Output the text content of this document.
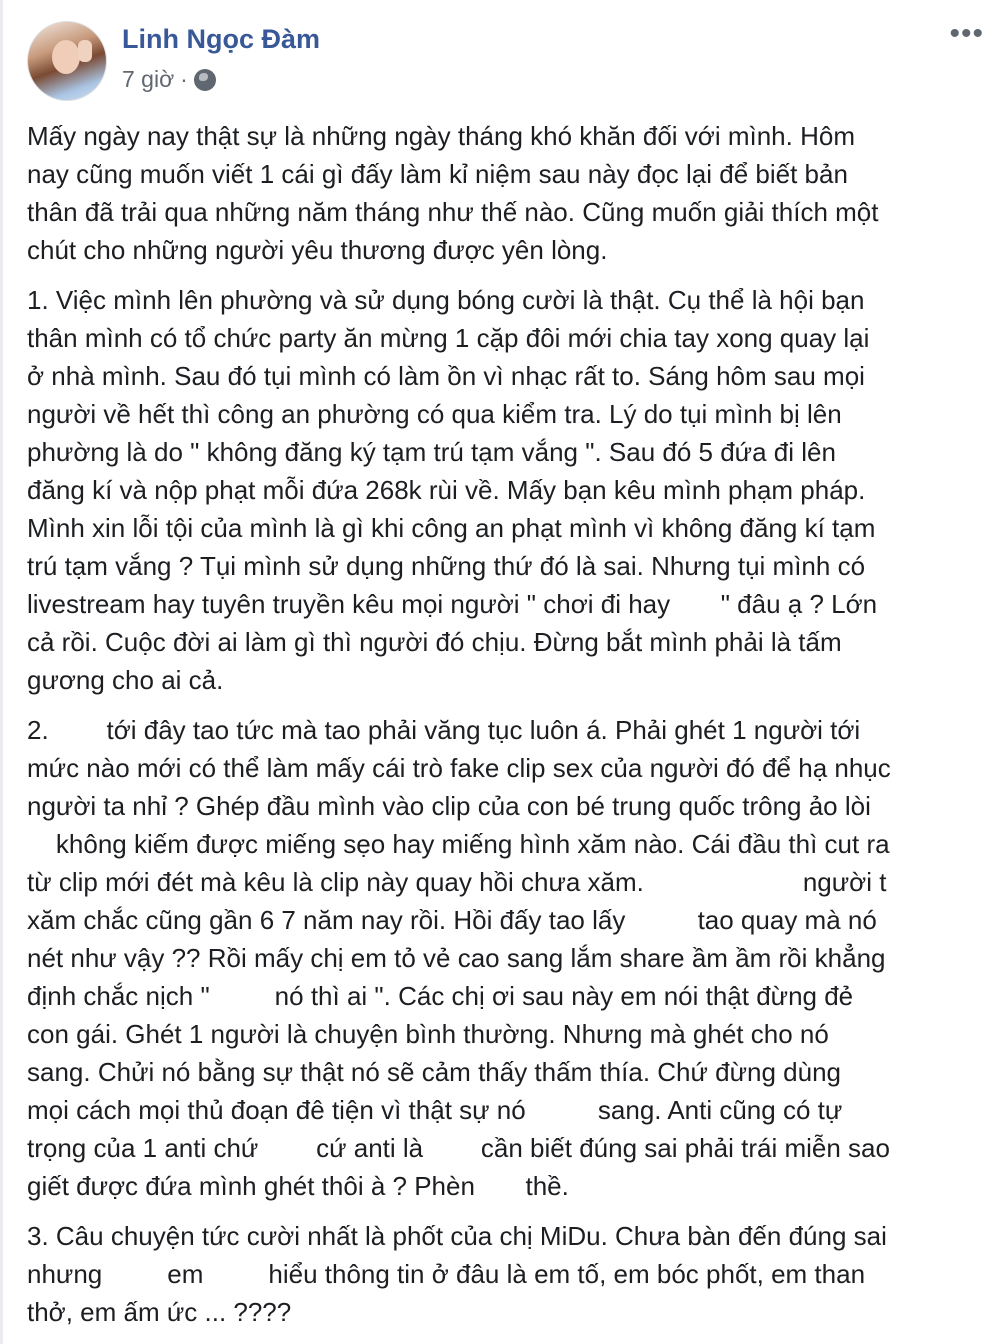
Linh Ngọc Đàm
7 giờ ·
•••
Mấy ngày nay thật sự là những ngày tháng khó khăn đối với mình. Hôm
nay cũng muốn viết 1 cái gì đấy làm kỉ niệm sau này đọc lại để biết bản
thân đã trải qua những năm tháng như thế nào. Cũng muốn giải thích một
chút cho những người yêu thương được yên lòng.
1. Việc mình lên phường và sử dụng bóng cười là thật. Cụ thể là hội bạn
thân mình có tổ chức party ăn mừng 1 cặp đôi mới chia tay xong quay lại
ở nhà mình. Sau đó tụi mình có làm ồn vì nhạc rất to. Sáng hôm sau mọi
người về hết thì công an phường có qua kiểm tra. Lý do tụi mình bị lên
phường là do " không đăng ký tạm trú tạm vắng ". Sau đó 5 đứa đi lên
đăng kí và nộp phạt mỗi đứa 268k rùi về. Mấy bạn kêu mình phạm pháp.
Mình xin lỗi tội của mình là gì khi công an phạt mình vì không đăng kí tạm
trú tạm vắng ? Tụi mình sử dụng những thứ đó là sai. Nhưng tụi mình có
livestream hay tuyên truyền kêu mọi người " chơi đi hay       " đâu ạ ? Lớn
cả rồi. Cuộc đời ai làm gì thì người đó chịu. Đừng bắt mình phải là tấm
gương cho ai cả.
2.        tới đây tao tức mà tao phải văng tục luôn á. Phải ghét 1 người tới
mức nào mới có thể làm mấy cái trò fake clip sex của người đó để hạ nhục
người ta nhỉ ? Ghép đầu mình vào clip của con bé trung quốc trông ảo lòi
không kiếm được miếng sẹo hay miếng hình xăm nào. Cái đầu thì cut ra
từ clip mới đét mà kêu là clip này quay hồi chưa xăm.                      người t
xăm chắc cũng gần 6 7 năm nay rồi. Hồi đấy tao lấy          tao quay mà nó
nét như vậy ?? Rồi mấy chị em tỏ vẻ cao sang lắm share ầm ầm rồi khẳng
định chắc nịch "         nó thì ai ". Các chị ơi sau này em nói thật đừng đẻ
con gái. Ghét 1 người là chuyện bình thường. Nhưng mà ghét cho nó
sang. Chửi nó bằng sự thật nó sẽ cảm thấy thấm thía. Chứ đừng dùng
mọi cách mọi thủ đoạn đê tiện vì thật sự nó          sang. Anti cũng có tự
trọng của 1 anti chứ        cứ anti là        cần biết đúng sai phải trái miễn sao
giết được đứa mình ghét thôi à ? Phèn       thề.
3. Câu chuyện tức cười nhất là phốt của chị MiDu. Chưa bàn đến đúng sai
nhưng         em         hiểu thông tin ở đâu là em tố, em bóc phốt, em than
thở, em ấm ức ... ????
